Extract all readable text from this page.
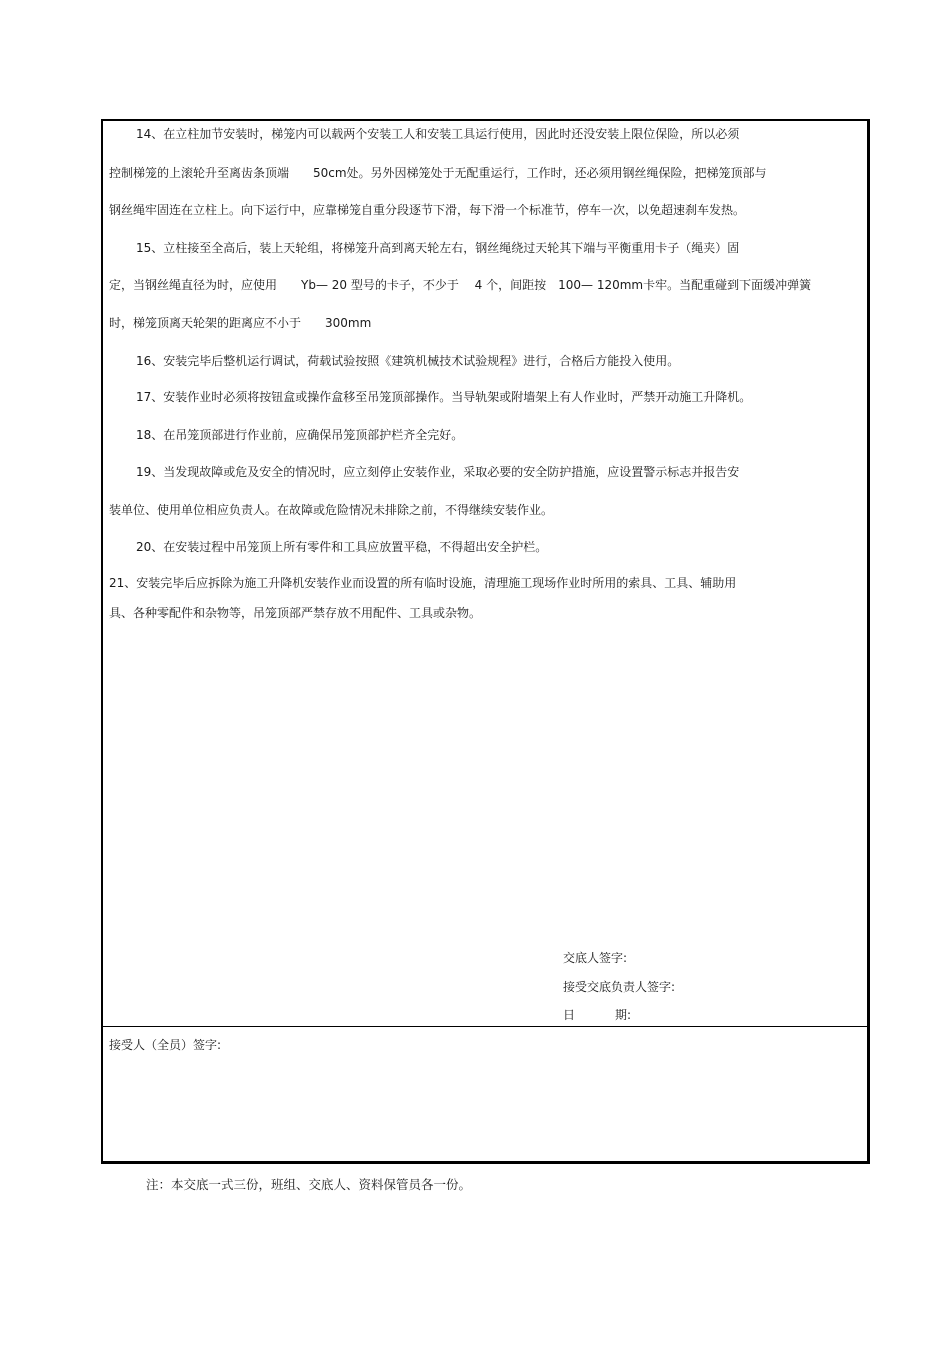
14、在立柱加节安装时，梯笼内可以载两个安装工人和安装工具运行使用，因此时还没安装上限位保险，所以必须
控制梯笼的上滚轮升至离齿条顶端　　50cm处。另外因梯笼处于无配重运行，工作时，还必须用钢丝绳保险，把梯笼顶部与
钢丝绳牢固连在立柱上。向下运行中，应靠梯笼自重分段逐节下滑，每下滑一个标准节，停车一次，以免超速刹车发热。
15、立柱接至全高后，装上天轮组，将梯笼升高到离天轮左右，钢丝绳绕过天轮其下端与平衡重用卡子（绳夹）固
定，当钢丝绳直径为时，应使用　　Yb— 20 型号的卡子，不少于　 4 个，间距按　100— 120mm卡牢。当配重碰到下面缓冲弹簧
时，梯笼顶离天轮架的距离应不小于　　300mm
16、安装完毕后整机运行调试，荷载试验按照《建筑机械技术试验规程》进行，合格后方能投入使用。
17、安装作业时必须将按钮盒或操作盒移至吊笼顶部操作。当导轨架或附墙架上有人作业时，严禁开动施工升降机。
18、在吊笼顶部进行作业前，应确保吊笼顶部护栏齐全完好。
19、当发现故障或危及安全的情况时，应立刻停止安装作业，采取必要的安全防护措施，应设置警示标志并报告安
装单位、使用单位相应负责人。在故障或危险情况未排除之前，不得继续安装作业。
20、在安装过程中吊笼顶上所有零件和工具应放置平稳，不得超出安全护栏。
21、安装完毕后应拆除为施工升降机安装作业而设置的所有临时设施，清理施工现场作业时所用的索具、工具、辅助用
具、各种零配件和杂物等，吊笼顶部严禁存放不用配件、工具或杂物。
交底人签字:
接受交底负责人签字:
日	期:
接受人（全员）签字:
注：本交底一式三份，班组、交底人、资料保管员各一份。
